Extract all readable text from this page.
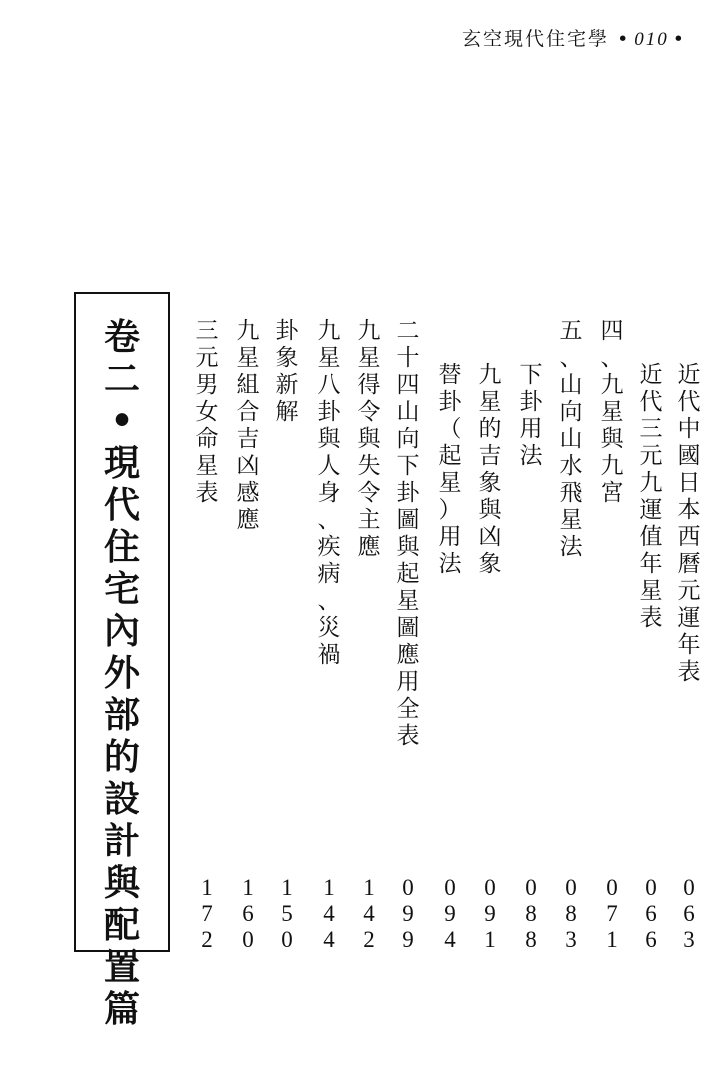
玄空現代住宅學 • 010 •
卷
二
•
現
代
住
宅
內
外
部
的
設
計
與
配
置
篇
近
代
中
國
日
本
西
曆
元
運
年
表
0
6
3
近
代
三
元
九
運
值
年
星
表
0
6
6
四
、
九
星
與
九
宮
0
7
1
五
、
山
向
山
水
飛
星
法
0
8
3
下
卦
用
法
0
8
8
九
星
的
吉
象
與
凶
象
0
9
1
替
卦
（
起
星
）
用
法
0
9
4
二
十
四
山
向
下
卦
圖
與
起
星
圖
應
用
全
表
0
9
9
九
星
得
令
與
失
令
主
應
1
4
2
九
星
八
卦
與
人
身
、
疾
病
、
災
禍
1
4
4
卦
象
新
解
1
5
0
九
星
組
合
吉
凶
感
應
1
6
0
三
元
男
女
命
星
表
1
7
2
